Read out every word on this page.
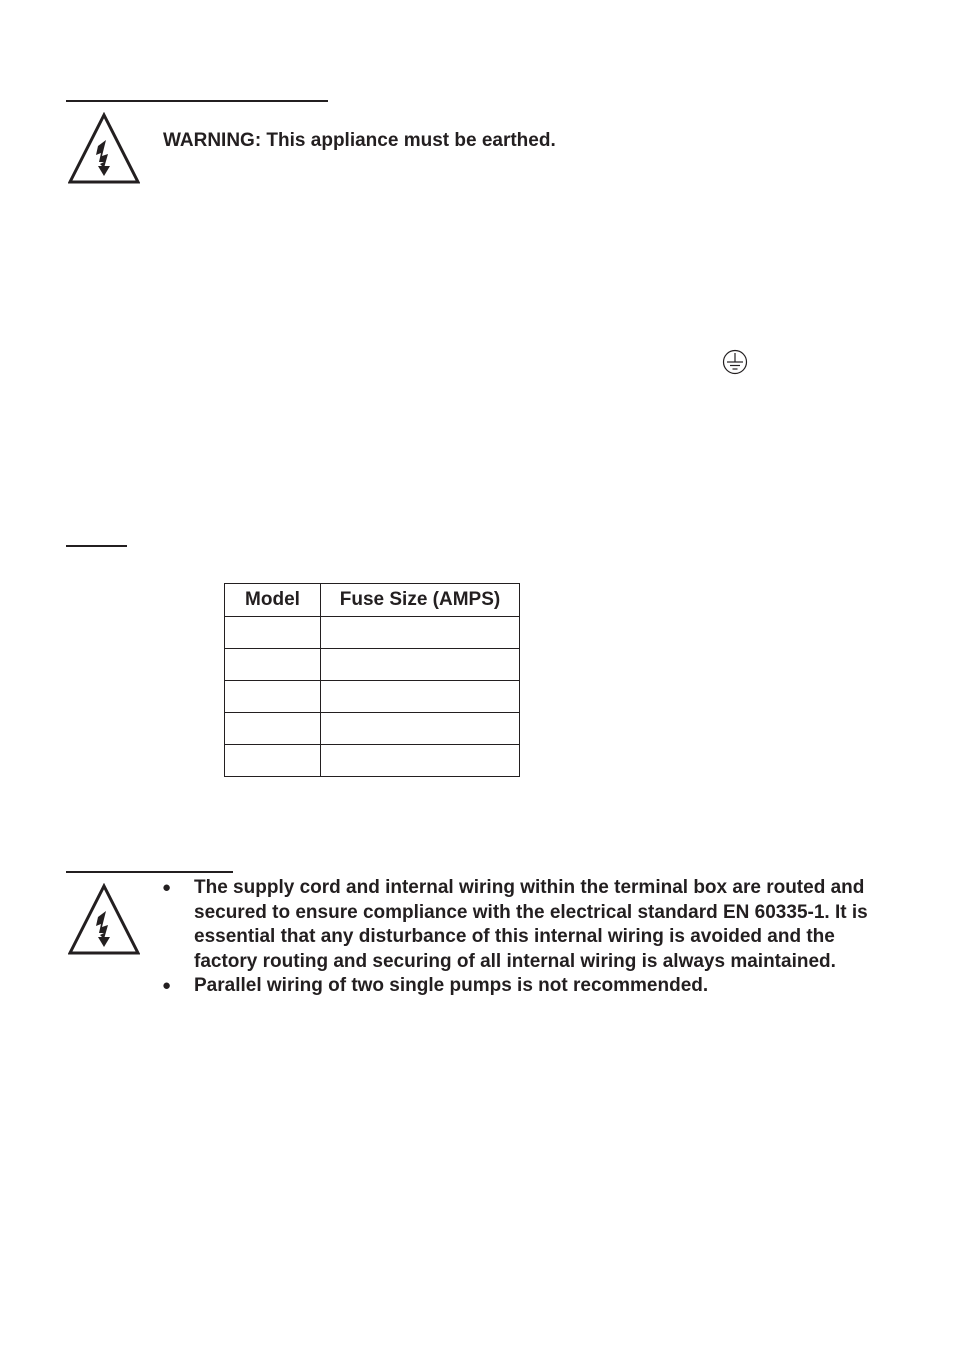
WARNING: This appliance must be earthed.
Model	Fuse Size (AMPS)

● The supply cord and internal wiring within the terminal box are routed and secured to ensure compliance with the electrical standard EN 60335-1. It is essential that any disturbance of this internal wiring is avoided and the factory routing and securing of all internal wiring is always maintained.
● Parallel wiring of two single pumps is not recommended.
